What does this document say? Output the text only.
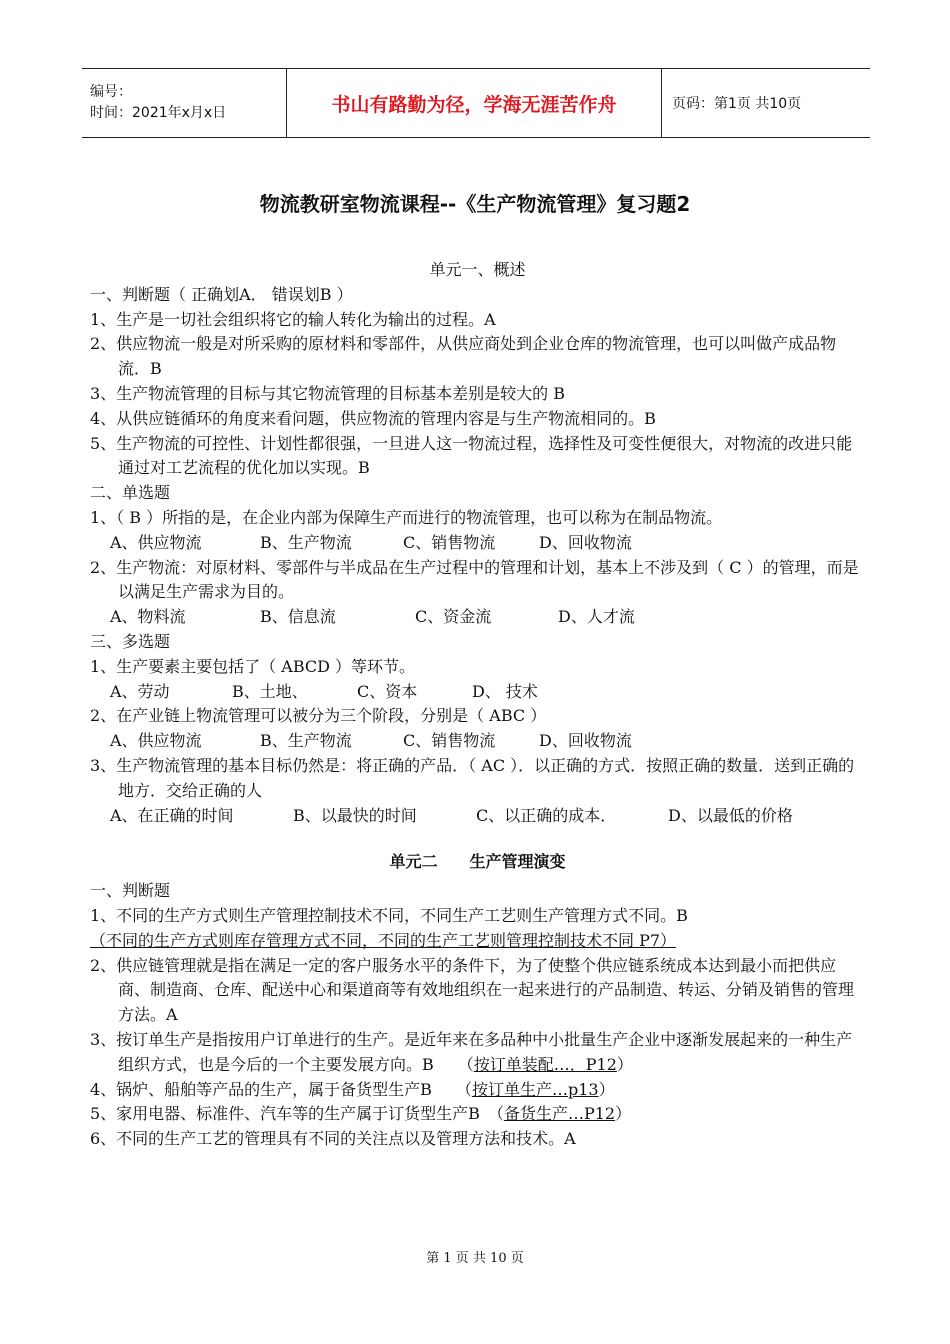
编号：
时间：2021年x月x日	书山有路勤为径，学海无涯苦作舟	页码：第1页 共10页
物流教研室物流课程--《生产物流管理》复习题2
单元一、概述
一、判断题（ 正确划A． 错误划B ）
1、生产是一切社会组织将它的输人转化为输出的过程。A
2、供应物流一般是对所采购的原材料和零部件，从供应商处到企业仓库的物流管理，也可以叫做产成品物流．B
3、生产物流管理的目标与其它物流管理的目标基本差别是较大的 B
4、从供应链循环的角度来看问题，供应物流的管理内容是与生产物流相同的。B
5、生产物流的可控性、计划性都很强，一旦进人这一物流过程，选择性及可变性便很大，对物流的改进只能通过对工艺流程的优化加以实现。B
二、单选题
1、（ B ）所指的是，在企业内部为保障生产而进行的物流管理，也可以称为在制品物流。
A、供应物流	B、生产物流	C、销售物流	D、回收物流
2、生产物流：对原材料、零部件与半成品在生产过程中的管理和计划，基本上不涉及到（ C ）的管理，而是以满足生产需求为目的。
A、物料流	B、信息流	C、资金流	D、人才流
三、多选题
1、生产要素主要包括了（ ABCD ）等环节。
A、劳动	B、土地、	C、资本	D、 技术
2、在产业链上物流管理可以被分为三个阶段，分别是（ ABC ）
A、供应物流	B、生产物流	C、销售物流	D、回收物流
3、生产物流管理的基本目标仍然是：将正确的产品．（ AC ）．以正确的方式．按照正确的数量．送到正确的地方．交给正确的人
A、在正确的时间	B、以最快的时间	C、以正确的成本．	D、以最低的价格
单元二 生产管理演变
一、判断题
1、不同的生产方式则生产管理控制技术不同，不同生产工艺则生产管理方式不同。B
（不同的生产方式则库存管理方式不同，不同的生产工艺则管理控制技术不同 P7）
2、供应链管理就是指在满足一定的客户服务水平的条件下，为了使整个供应链系统成本达到最小而把供应商、制造商、仓库、配送中心和渠道商等有效地组织在一起来进行的产品制造、转运、分销及销售的管理方法。A
3、按订单生产是指按用户订单进行的生产。是近年来在多品种中小批量生产企业中逐渐发展起来的一种生产组织方式，也是今后的一个主要发展方向。B　　（按订单装配…．P12）
4、锅炉、船舶等产品的生产，属于备货型生产B　　（按订单生产…p13）
5、家用电器、标准件、汽车等的生产属于订货型生产B　（备货生产…P12）
6、不同的生产工艺的管理具有不同的关注点以及管理方法和技术。A
第 1 页 共 10 页
